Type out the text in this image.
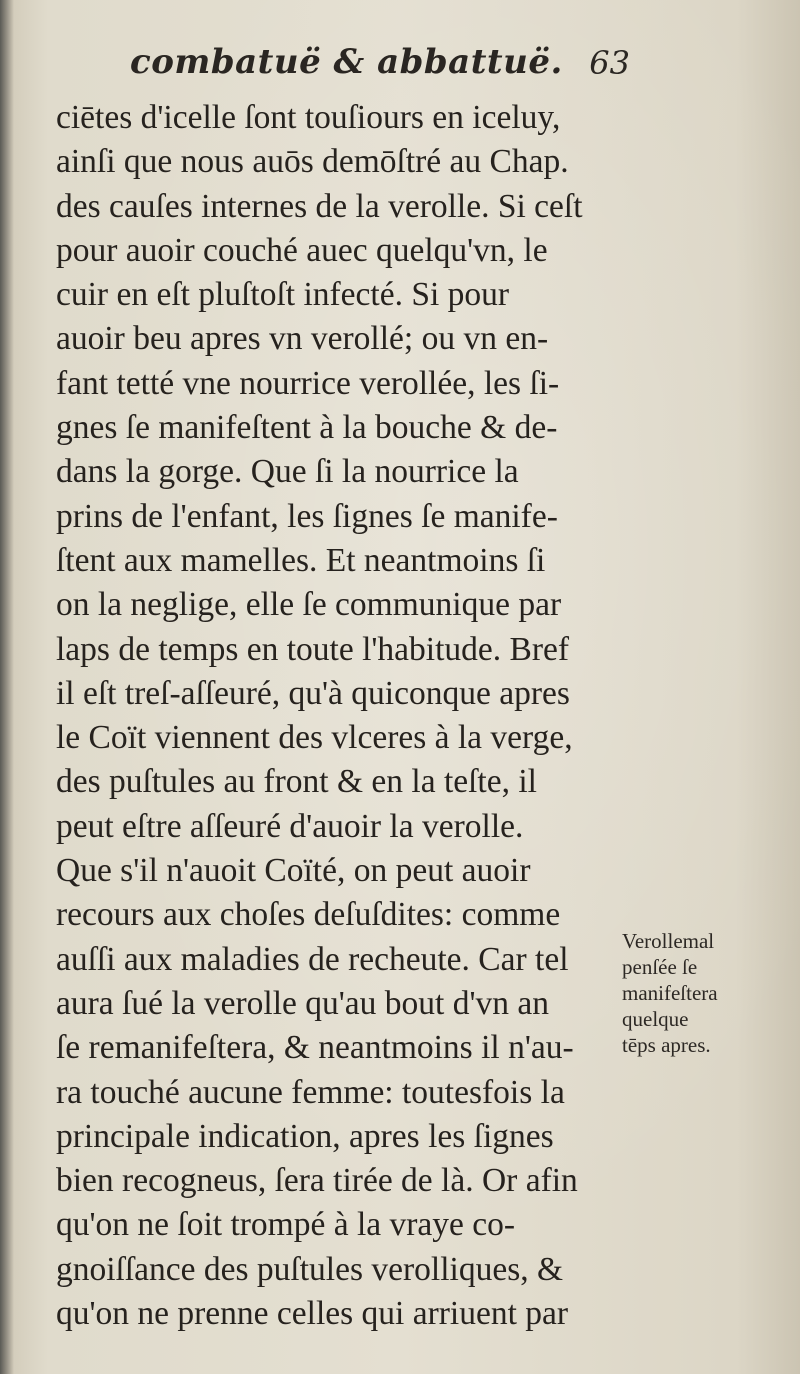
combatuë & abbattuë. 63
ciētes d'icelle ſont touſiours en iceluy,
ainſi que nous auōs demōſtré au Chap.
des cauſes internes de la verolle. Si ceſt
pour auoir couché auec quelqu'vn, le
cuir en eſt pluſtoſt infecté. Si pour
auoir beu apres vn verollé; ou vn en-
fant tetté vne nourrice verollée, les ſi-
gnes ſe manifeſtent à la bouche & de-
dans la gorge. Que ſi la nourrice la
prins de l'enfant, les ſignes ſe manife-
ſtent aux mamelles. Et neantmoins ſi
on la neglige, elle ſe communique par
laps de temps en toute l'habitude. Bref
il eſt treſ-aſſeuré, qu'à quiconque apres
le Coït viennent des vlceres à la verge,
des puſtules au front & en la teſte, il
peut eſtre aſſeuré d'auoir la verolle.
Que s'il n'auoit Coïté, on peut auoir
recours aux choſes deſuſdites: comme
auſſi aux maladies de recheute. Car tel
aura ſué la verolle qu'au bout d'vn an
ſe remanifeſtera, & neantmoins il n'au-
ra touché aucune femme: toutesfois la
principale indication, apres les ſignes
bien recogneus, ſera tirée de là. Or afin
qu'on ne ſoit trompé à la vraye co-
gnoiſſance des puſtules verolliques, &
qu'on ne prenne celles qui arriuent par
Verollemal
penſée ſe
manifeſtera
quelque
tēps apres.
